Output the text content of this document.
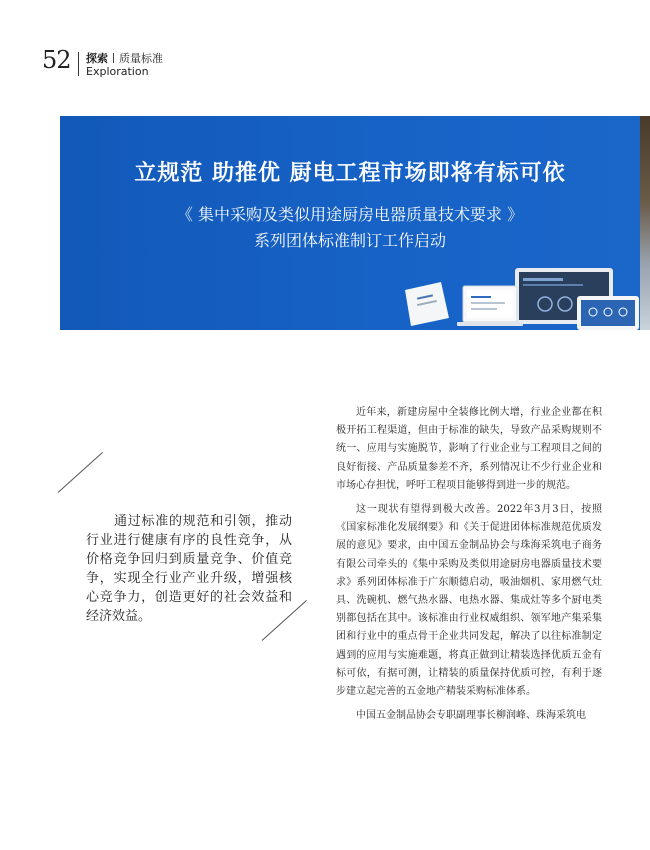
52 探索 质量标准
Exploration
立规范 助推优 厨电工程市场即将有标可依
《 集中采购及类似用途厨房电器质量技术要求 》
系列团体标准制订工作启动
通过标准的规范和引领，推动行业进行健康有序的良性竞争，从价格竞争回归到质量竞争、价值竞争，实现全行业产业升级，增强核心竞争力，创造更好的社会效益和经济效益。

近年来，新建房屋中全装修比例大增，行业企业都在积极开拓工程渠道，但由于标准的缺失，导致产品采购规则不统一、应用与实施脱节，影响了行业企业与工程项目之间的良好衔接、产品质量参差不齐，系列情况让不少行业企业和市场心存担忧，呼吁工程项目能够得到进一步的规范。

这一现状有望得到极大改善。2022年3月3日，按照《国家标准化发展纲要》和《关于促进团体标准规范优质发展的意见》要求，由中国五金制品协会与珠海采筑电子商务有限公司牵头的《集中采购及类似用途厨房电器质量技术要求》系列团体标准于广东顺德启动，吸油烟机、家用燃气灶具、洗碗机、燃气热水器、电热水器、集成灶等多个厨电类别都包括在其中。该标准由行业权威组织、领军地产集采集团和行业中的重点骨干企业共同发起，解决了以往标准制定遇到的应用与实施难题，将真正做到让精装选择优质五金有标可依，有据可测，让精装的质量保持优质可控，有利于逐步建立起完善的五金地产精装采购标准体系。

中国五金制品协会专职副理事长柳润峰、珠海采筑电
